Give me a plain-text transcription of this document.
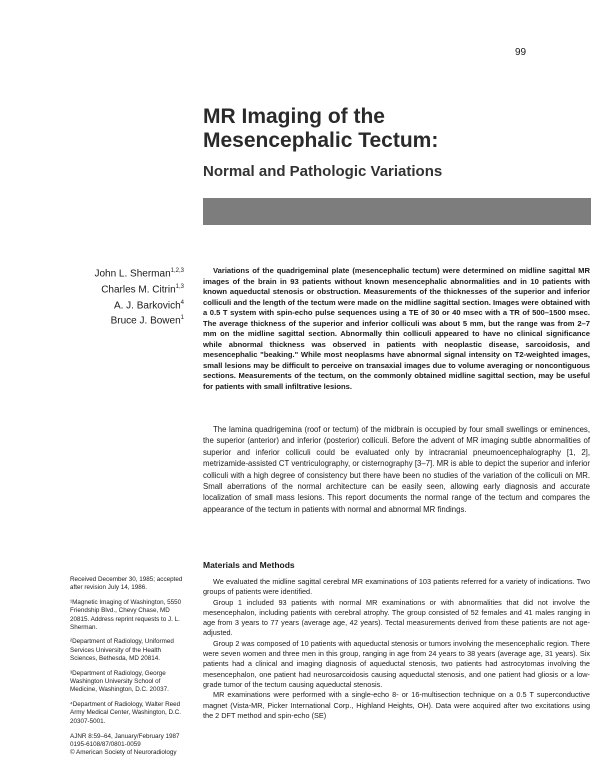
99
MR Imaging of the
Mesencephalic Tectum:
Normal and Pathologic Variations
John L. Sherman$^{1,2,3}$
Charles M. Citrin$^{1,3}$
A. J. Barkovich$^4$
Bruce J. Bowen$^1$

Variations of the quadrigeminal plate (mesencephalic tectum) were determined on midline sagittal MR images of the brain in 93 patients without known mesencephalic abnormalities and in 10 patients with known aqueductal stenosis or obstruction. Measurements of the thicknesses of the superior and inferior colliculi and the length of the tectum were made on the midline sagittal section. Images were obtained with a 0.5 T system with spin-echo pulse sequences using a TE of 30 or 40 msec with a TR of 500–1500 msec. The average thickness of the superior and inferior colliculi was about 5 mm, but the range was from 2–7 mm on the midline sagittal section. Abnormally thin colliculi appeared to have no clinical significance while abnormal thickness was observed in patients with neoplastic disease, sarcoidosis, and mesencephalic "beaking." While most neoplasms have abnormal signal intensity on T2-weighted images, small lesions may be difficult to perceive on transaxial images due to volume averaging or noncontiguous sections. Measurements of the tectum, on the commonly obtained midline sagittal section, may be useful for patients with small infiltrative lesions.

The lamina quadrigemina (roof or tectum) of the midbrain is occupied by four small swellings or eminences, the superior (anterior) and inferior (posterior) colliculi. Before the advent of MR imaging subtle abnormalities of superior and inferior colliculi could be evaluated only by intracranial pneumoencephalography [1, 2], metrizamide-assisted CT ventriculography, or cisternography [3–7]. MR is able to depict the superior and inferior colliculi with a high degree of consistency but there have been no studies of the variation of the colliculi on MR. Small aberrations of the normal architecture can be easily seen, allowing early diagnosis and accurate localization of small mass lesions. This report documents the normal range of the tectum and compares the appearance of the tectum in patients with normal and abnormal MR findings.

Materials and Methods

We evaluated the midline sagittal cerebral MR examinations of 103 patients referred for a variety of indications. Two groups of patients were identified.

Group 1 included 93 patients with normal MR examinations or with abnormalities that did not involve the mesencephalon, including patients with cerebral atrophy. The group consisted of 52 females and 41 males ranging in age from 3 years to 77 years (average age, 42 years). Tectal measurements derived from these patients are not age-adjusted.

Group 2 was composed of 10 patients with aqueductal stenosis or tumors involving the mesencephalic region. There were seven women and three men in this group, ranging in age from 24 years to 38 years (average age, 31 years). Six patients had a clinical and imaging diagnosis of aqueductal stenosis, two patients had astrocytomas involving the mesencephalon, one patient had neurosarcoidosis causing aqueductal stenosis, and one patient had gliosis or a low-grade tumor of the tectum causing aqueductal stenosis.

MR examinations were performed with a single-echo 8- or 16-multisection technique on a 0.5 T superconductive magnet (Vista-MR, Picker International Corp., Highland Heights, OH). Data were acquired after two excitations using the 2 DFT method and spin-echo (SE)

Received December 30, 1985; accepted after revision July 14, 1986.

¹Magnetic Imaging of Washington, 5550 Friendship Blvd., Chevy Chase, MD 20815. Address reprint requests to J. L. Sherman.

²Department of Radiology, Uniformed Services University of the Health Sciences, Bethesda, MD 20814.

³Department of Radiology, George Washington University School of Medicine, Washington, D.C. 20037.

⁴Department of Radiology, Walter Reed Army Medical Center, Washington, D.C. 20307-5001.

AJNR 8:59–64, January/February 1987
0195-6108/87/0801-0059
© American Society of Neuroradiology
